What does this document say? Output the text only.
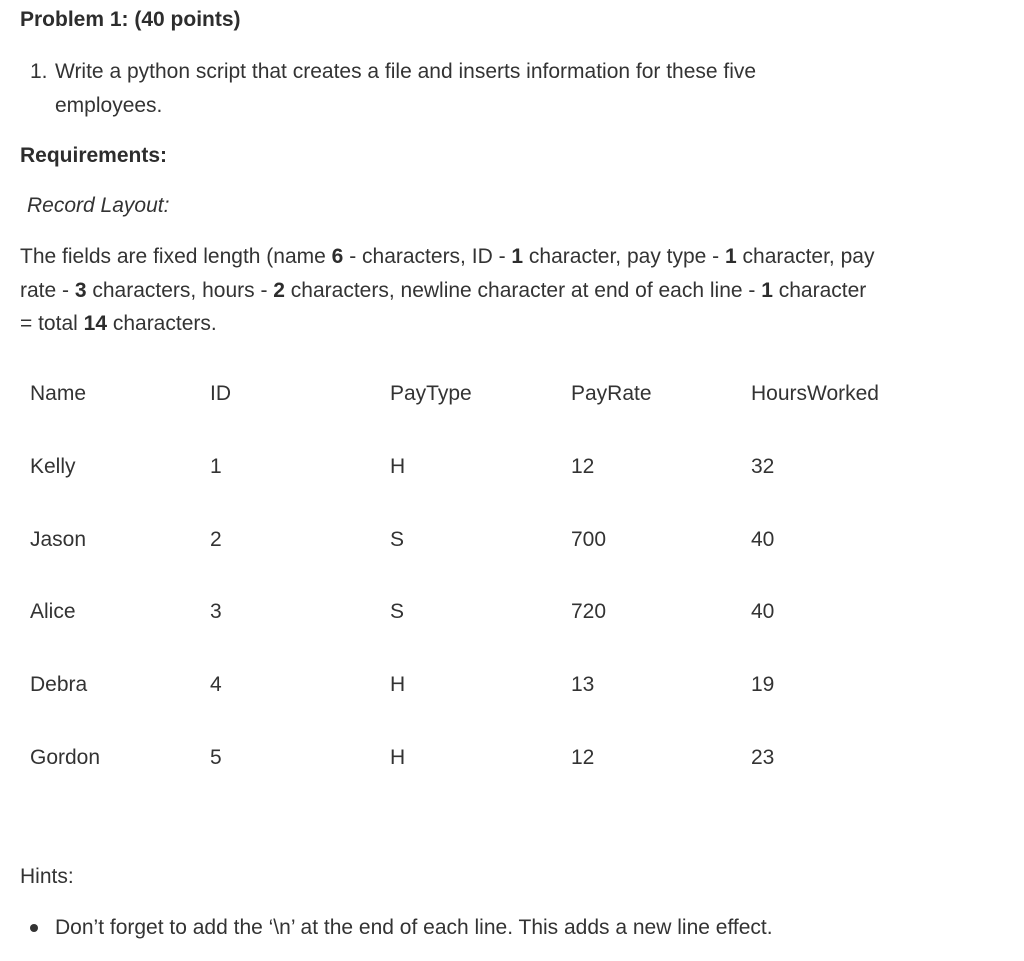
Problem 1: (40 points)
1. Write a python script that creates a file and inserts information for these five
employees.
Requirements:
Record Layout:
The fields are fixed length (name 6 - characters, ID - 1 character, pay type - 1 character, pay
rate - 3 characters, hours - 2 characters, newline character at end of each line - 1 character
= total 14 characters.
Name	ID	PayType	PayRate	HoursWorked
Kelly	1	H	12	32
Jason	2	S	700	40
Alice	3	S	720	40
Debra	4	H	13	19
Gordon	5	H	12	23
Hints:
Don’t forget to add the ‘\n’ at the end of each line. This adds a new line effect.
